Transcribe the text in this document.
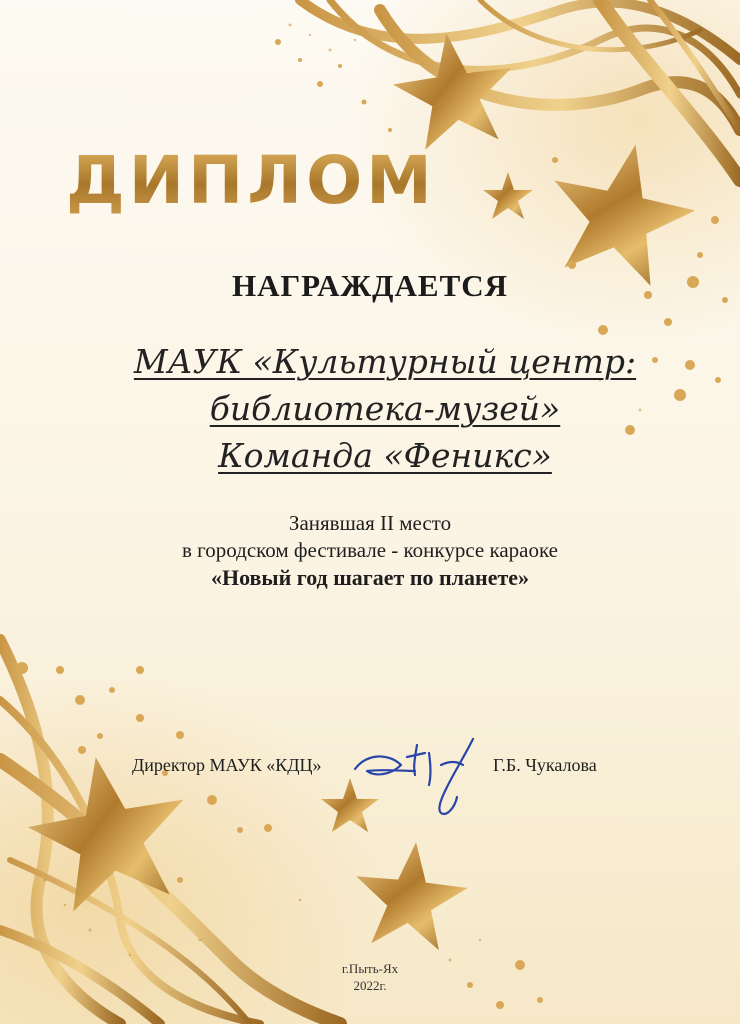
ДИПЛОМ
НАГРАЖДАЕТСЯ
МАУК «Культурный центр:
библиотека-музей»
Команда «Феникс»
Занявшая II место
в городском фестивале - конкурсе караоке
«Новый год шагает по планете»
Директор МАУК «КДЦ»	Г.Б. Чукалова
г.Пыть-Ях
2022г.
